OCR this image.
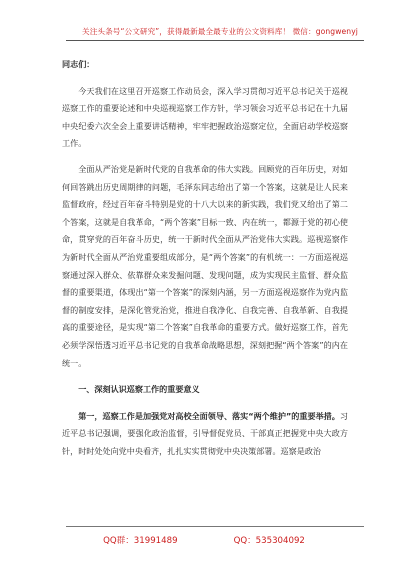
关注头条号“公文研究”，获得最新最全最专业的公文资料库！ 微信：gongwenyj

同志们：

今天我们在这里召开巡察工作动员会，深入学习贯彻习近平总书记关于巡视巡察工作的重要论述和中央巡视巡察工作方针，学习领会习近平总书记在十九届中央纪委六次全会上重要讲话精神，牢牢把握政治巡察定位，全面启动学校巡察工作。

全面从严治党是新时代党的自我革命的伟大实践。回顾党的百年历史，对如何回答跳出历史周期律的问题，毛泽东同志给出了第一个答案，这就是让人民来监督政府，经过百年奋斗特别是党的十八大以来的新实践，我们党又给出了第二个答案，这就是自我革命，“两个答案”目标一致、内在统一，都源于党的初心使命，贯穿党的百年奋斗历史，统一于新时代全面从严治党伟大实践。巡视巡察作为新时代全面从严治党重要组成部分，是“两个答案”的有机统一：一方面巡视巡察通过深入群众、依靠群众来发掘问题、发现问题，成为实现民主监督、群众监督的重要渠道，体现出“第一个答案”的深刻内涵，另一方面巡视巡察作为党内监督的制度安排，是深化管党治党，推进自我净化、自我完善、自我革新、自我提高的重要途径，是实现“第二个答案”自我革命的重要方式。做好巡察工作，首先必须学深悟透习近平总书记党的自我革命战略思想，深刻把握“两个答案”的内在统一。

一、深刻认识巡察工作的重要意义

第一，巡察工作是加强党对高校全面领导、落实“两个维护”的重要举措。习近平总书记强调，要强化政治监督，引导督促党员、干部真正把握党中央大政方针，时时处处向党中央看齐，扎扎实实贯彻党中央决策部署。巡察是政治

QQ群：31991489	QQ：535304092
